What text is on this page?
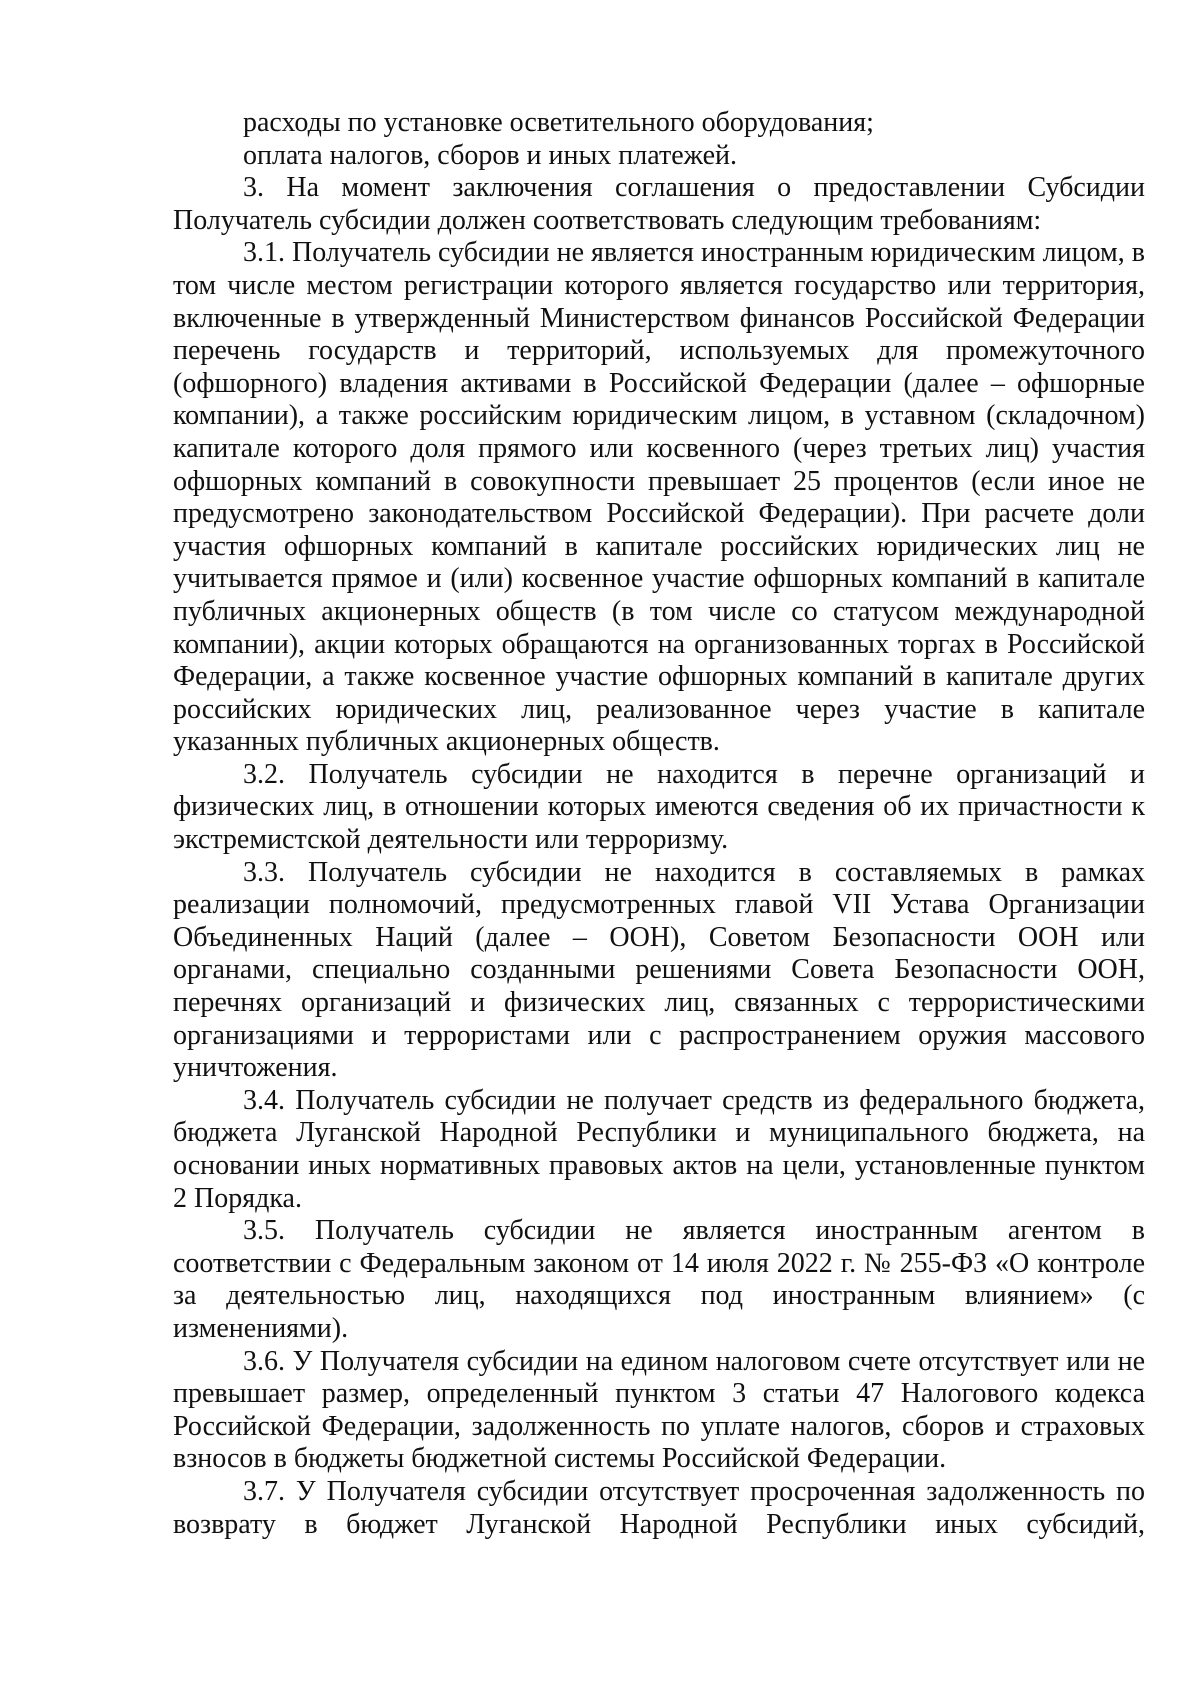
расходы по установке осветительного оборудования;

оплата налогов, сборов и иных платежей.

3. На момент заключения соглашения о предоставлении Субсидии Получатель субсидии должен соответствовать следующим требованиям:

3.1. Получатель субсидии не является иностранным юридическим лицом, в том числе местом регистрации которого является государство или территория, включенные в утвержденный Министерством финансов Российской Федерации перечень государств и территорий, используемых для промежуточного (офшорного) владения активами в Российской Федерации (далее – офшорные компании), а также российским юридическим лицом, в уставном (складочном) капитале которого доля прямого или косвенного (через третьих лиц) участия офшорных компаний в совокупности превышает 25 процентов (если иное не предусмотрено законодательством Российской Федерации). При расчете доли участия офшорных компаний в капитале российских юридических лиц не учитывается прямое и (или) косвенное участие офшорных компаний в капитале публичных акционерных обществ (в том числе со статусом международной компании), акции которых обращаются на организованных торгах в Российской Федерации, а также косвенное участие офшорных компаний в капитале других российских юридических лиц, реализованное через участие в капитале указанных публичных акционерных обществ.

3.2. Получатель субсидии не находится в перечне организаций и физических лиц, в отношении которых имеются сведения об их причастности к экстремистской деятельности или терроризму.

3.3. Получатель субсидии не находится в составляемых в рамках реализации полномочий, предусмотренных главой VII Устава Организации Объединенных Наций (далее – ООН), Советом Безопасности ООН или органами, специально созданными решениями Совета Безопасности ООН, перечнях организаций и физических лиц, связанных с террористическими организациями и террористами или с распространением оружия массового уничтожения.

3.4. Получатель субсидии не получает средств из федерального бюджета, бюджета Луганской Народной Республики и муниципального бюджета, на основании иных нормативных правовых актов на цели, установленные пунктом 2 Порядка.

3.5. Получатель субсидии не является иностранным агентом в соответствии с Федеральным законом от 14 июля 2022 г. № 255-ФЗ «О контроле за деятельностью лиц, находящихся под иностранным влиянием» (с изменениями).

3.6. У Получателя субсидии на едином налоговом счете отсутствует или не превышает размер, определенный пунктом 3 статьи 47 Налогового кодекса Российской Федерации, задолженность по уплате налогов, сборов и страховых взносов в бюджеты бюджетной системы Российской Федерации.

3.7. У Получателя субсидии отсутствует просроченная задолженность по возврату в бюджет Луганской Народной Республики иных субсидий,
